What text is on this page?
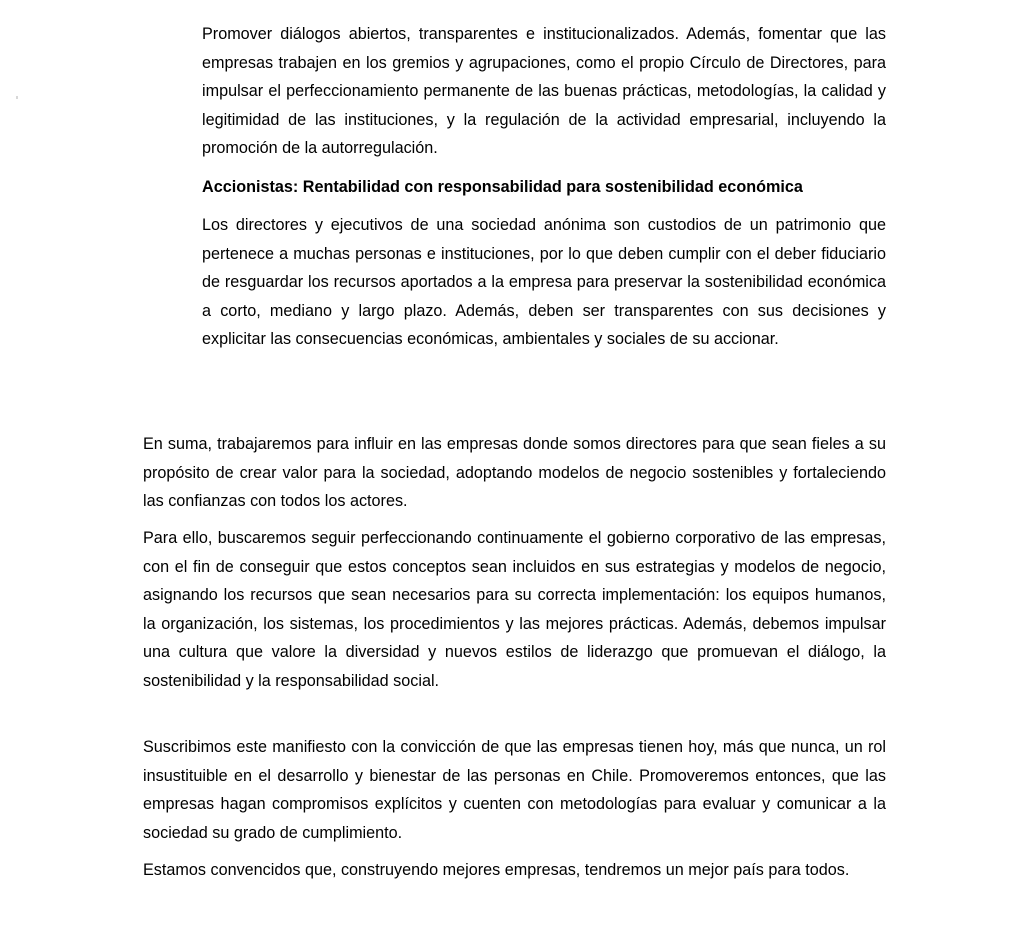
Promover diálogos abiertos, transparentes e institucionalizados. Además, fomentar que las empresas trabajen en los gremios y agrupaciones, como el propio Círculo de Directores, para impulsar el perfeccionamiento permanente de las buenas prácticas, metodologías, la calidad y legitimidad de las instituciones, y la regulación de la actividad empresarial, incluyendo la promoción de la autorregulación.

Accionistas: Rentabilidad con responsabilidad para sostenibilidad económica

Los directores y ejecutivos de una sociedad anónima son custodios de un patrimonio que pertenece a muchas personas e instituciones, por lo que deben cumplir con el deber fiduciario de resguardar los recursos aportados a la empresa para preservar la sostenibilidad económica a corto, mediano y largo plazo. Además, deben ser transparentes con sus decisiones y explicitar las consecuencias económicas, ambientales y sociales de su accionar.

En suma, trabajaremos para influir en las empresas donde somos directores para que sean fieles a su propósito de crear valor para la sociedad, adoptando modelos de negocio sostenibles y fortaleciendo las confianzas con todos los actores.

Para ello, buscaremos seguir perfeccionando continuamente el gobierno corporativo de las empresas, con el fin de conseguir que estos conceptos sean incluidos en sus estrategias y modelos de negocio, asignando los recursos que sean necesarios para su correcta implementación: los equipos humanos, la organización, los sistemas, los procedimientos y las mejores prácticas. Además, debemos impulsar una cultura que valore la diversidad y nuevos estilos de liderazgo que promuevan el diálogo, la sostenibilidad y la responsabilidad social.

Suscribimos este manifiesto con la convicción de que las empresas tienen hoy, más que nunca, un rol insustituible en el desarrollo y bienestar de las personas en Chile. Promoveremos entonces, que las empresas hagan compromisos explícitos y cuenten con metodologías para evaluar y comunicar a la sociedad su grado de cumplimiento.

Estamos convencidos que, construyendo mejores empresas, tendremos un mejor país para todos.
